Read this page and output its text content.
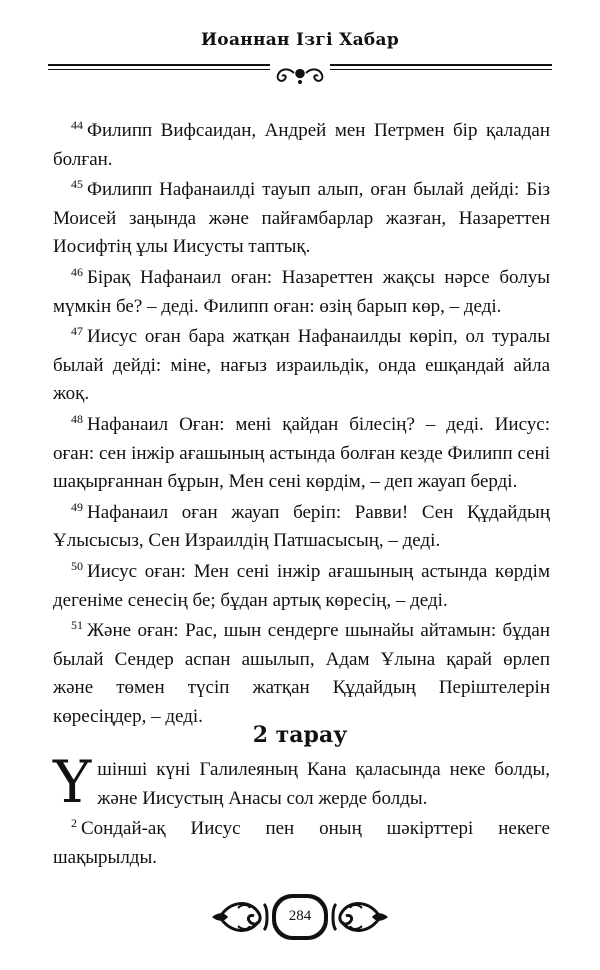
Иоаннан Ізгі Хабар

$^{44}$ Филипп Вифсаидан, Андрей мен Петрмен бір қаладан болған.

$^{45}$ Филипп Нафанаилді тауып алып, оған былай дейді: Біз Моисей заңында және пайғамбарлар жазған, Назареттен Иосифтің ұлы Иисусты таптық.

$^{46}$ Бірақ Нафанаил оған: Назареттен жақсы нәрсе болуы мүмкін бе? – деді. Филипп оған: өзің барып көр, – деді.

$^{47}$ Иисус оған бара жатқан Нафанаилды көріп, ол туралы былай дейді: міне, нағыз израильдік, онда ешқандай айла жоқ.

$^{48}$ Нафанаил Оған: мені қайдан білесің? – деді. Иисус: оған: сен інжір ағашының астында болған кезде Филипп сені шақырғаннан бұрын, Мен сені көрдім, – деп жауап берді.

$^{49}$ Нафанаил оған жауап беріп: Равви! Сен Құдайдың Ұлысысыз, Сен Израилдің Патшасысың, – деді.

$^{50}$ Иисус оған: Мен сені інжір ағашының астында көрдім дегеніме сенесің бе; бұдан артық көресің, – деді.

$^{51}$ Және оған: Рас, шын сендерге шынайы айтамын: бұдан былай Сендер аспан ашылып, Адам Ұлына қарай өрлеп және төмен түсіп жатқан Құдайдың Періштелерін көресіңдер, – деді.

2 тарау

Үшінші күні Галилеяның Кана қаласында неке болды, және Иисустың Анасы сол жерде болды.

$^2$ Сондай-ақ Иисус пен оның шәкірттері некеге шақырылды.

284
